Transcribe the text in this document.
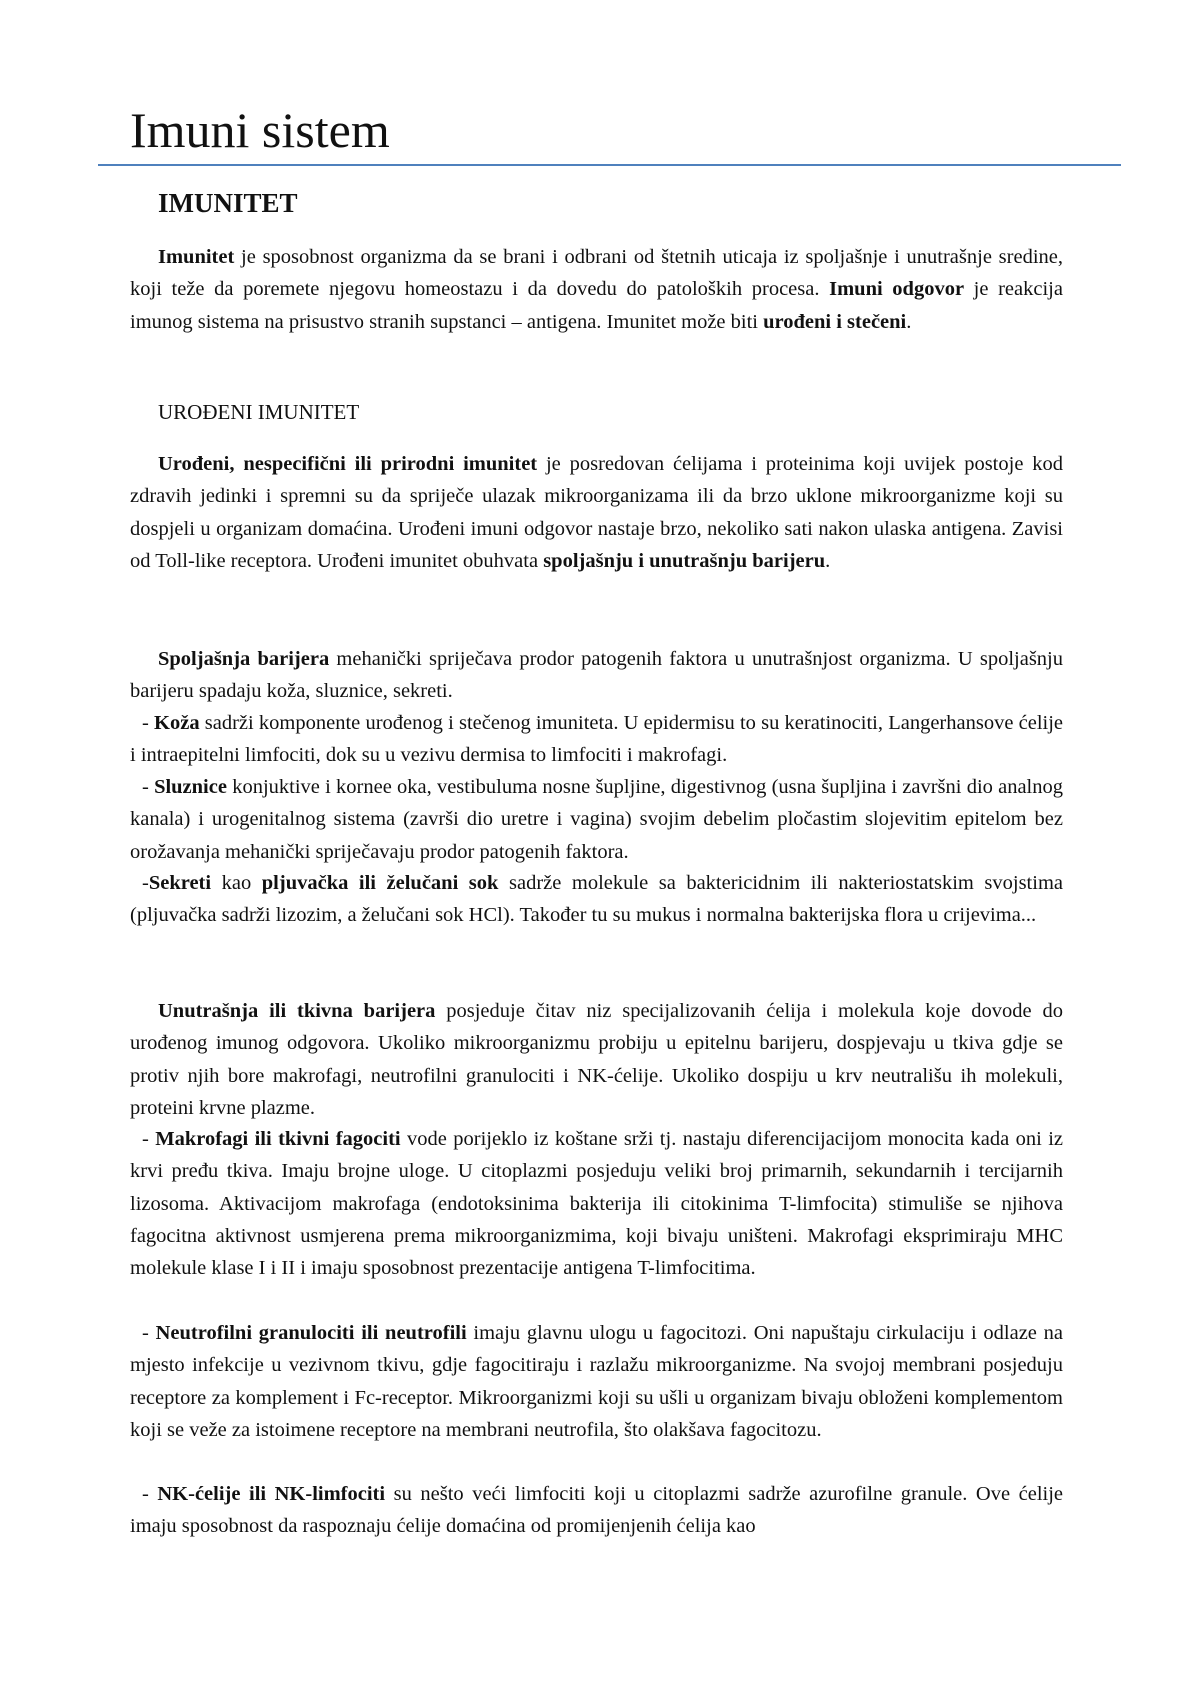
Imuni sistem
IMUNITET

Imunitet je sposobnost organizma da se brani i odbrani od štetnih uticaja iz spoljašnje i unutrašnje sredine, koji teže da poremete njegovu homeostazu i da dovedu do patoloških procesa. Imuni odgovor je reakcija imunog sistema na prisustvo stranih supstanci – antigena. Imunitet može biti urođeni i stečeni.

UROĐENI IMUNITET

Urođeni, nespecifični ili prirodni imunitet je posredovan ćelijama i proteinima koji uvijek postoje kod zdravih jedinki i spremni su da spriječe ulazak mikroorganizama ili da brzo uklone mikroorganizme koji su dospjeli u organizam domaćina. Urođeni imuni odgovor nastaje brzo, nekoliko sati nakon ulaska antigena. Zavisi od Toll-like receptora. Urođeni imunitet obuhvata spoljašnju i unutrašnju barijeru.

Spoljašnja barijera mehanički spriječava prodor patogenih faktora u unutrašnjost organizma. U spoljašnju barijeru spadaju koža, sluznice, sekreti.

- Koža sadrži komponente urođenog i stečenog imuniteta. U epidermisu to su keratinociti, Langerhansove ćelije i intraepitelni limfociti, dok su u vezivu dermisa to limfociti i makrofagi.

- Sluznice konjuktive i kornee oka, vestibuluma nosne šupljine, digestivnog (usna šupljina i završni dio analnog kanala) i urogenitalnog sistema (završi dio uretre i vagina) svojim debelim pločastim slojevitim epitelom bez orožavanja mehanički spriječavaju prodor patogenih faktora.

-Sekreti kao pljuvačka ili želučani sok sadrže molekule sa baktericidnim ili nakteriostatskim svojstima (pljuvačka sadrži lizozim, a želučani sok HCl). Također tu su mukus i normalna bakterijska flora u crijevima...

Unutrašnja ili tkivna barijera posjeduje čitav niz specijalizovanih ćelija i molekula koje dovode do urođenog imunog odgovora. Ukoliko mikroorganizmu probiju u epitelnu barijeru, dospjevaju u tkiva gdje se protiv njih bore makrofagi, neutrofilni granulociti i NK-ćelije. Ukoliko dospiju u krv neutrališu ih molekuli, proteini krvne plazme.

- Makrofagi ili tkivni fagociti vode porijeklo iz koštane srži tj. nastaju diferencijacijom monocita kada oni iz krvi pređu tkiva. Imaju brojne uloge. U citoplazmi posjeduju veliki broj primarnih, sekundarnih i tercijarnih lizosoma. Aktivacijom makrofaga (endotoksinima bakterija ili citokinima T-limfocita) stimuliše se njihova fagocitna aktivnost usmjerena prema mikroorganizmima, koji bivaju uništeni. Makrofagi eksprimiraju MHC molekule klase I i II i imaju sposobnost prezentacije antigena T-limfocitima.

- Neutrofilni granulociti ili neutrofili imaju glavnu ulogu u fagocitozi. Oni napuštaju cirkulaciju i odlaze na mjesto infekcije u vezivnom tkivu, gdje fagocitiraju i razlažu mikroorganizme. Na svojoj membrani posjeduju receptore za komplement i Fc-receptor. Mikroorganizmi koji su ušli u organizam bivaju obloženi komplementom koji se veže za istoimene receptore na membrani neutrofila, što olakšava fagocitozu.

- NK-ćelije ili NK-limfociti su nešto veći limfociti koji u citoplazmi sadrže azurofilne granule. Ove ćelije imaju sposobnost da raspoznaju ćelije domaćina od promijenjenih ćelija kao
